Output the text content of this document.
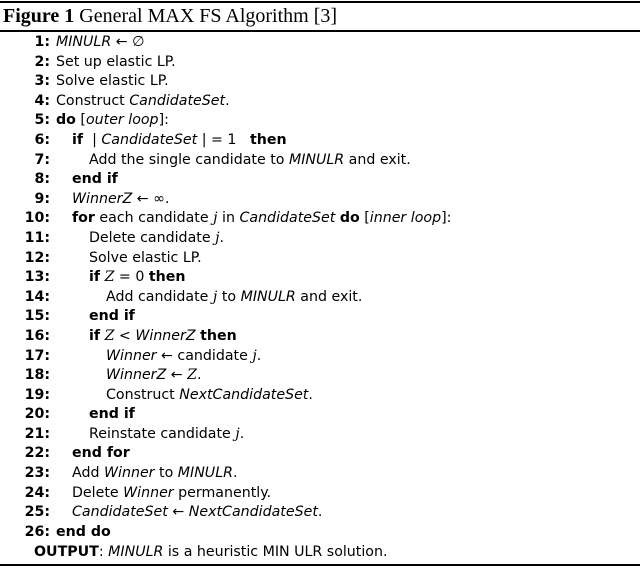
Figure 1 General MAX FS Algorithm [3]
1: MINULR ← ∅
2: Set up elastic LP.
3: Solve elastic LP.
4: Construct CandidateSet.
5: do [outer loop]:
6: if  | CandidateSet | = 1   then
7:	Add the single candidate to MINULR and exit.
8: end if
9: WinnerZ ← ∞.
10: for each candidate j in CandidateSet do [inner loop]:
11:	Delete candidate j.
12:	Solve elastic LP.
13:	if Z = 0 then
14:	Add candidate j to MINULR and exit.
15:	end if
16:	if Z < WinnerZ then
17:	Winner ← candidate j.
18:	WinnerZ ← Z.
19:	Construct NextCandidateSet.
20:	end if
21:	Reinstate candidate j.
22: end for
23: Add Winner to MINULR.
24: Delete Winner permanently.
25: CandidateSet ← NextCandidateSet.
26: end do
OUTPUT: MINULR is a heuristic MIN ULR solution.
